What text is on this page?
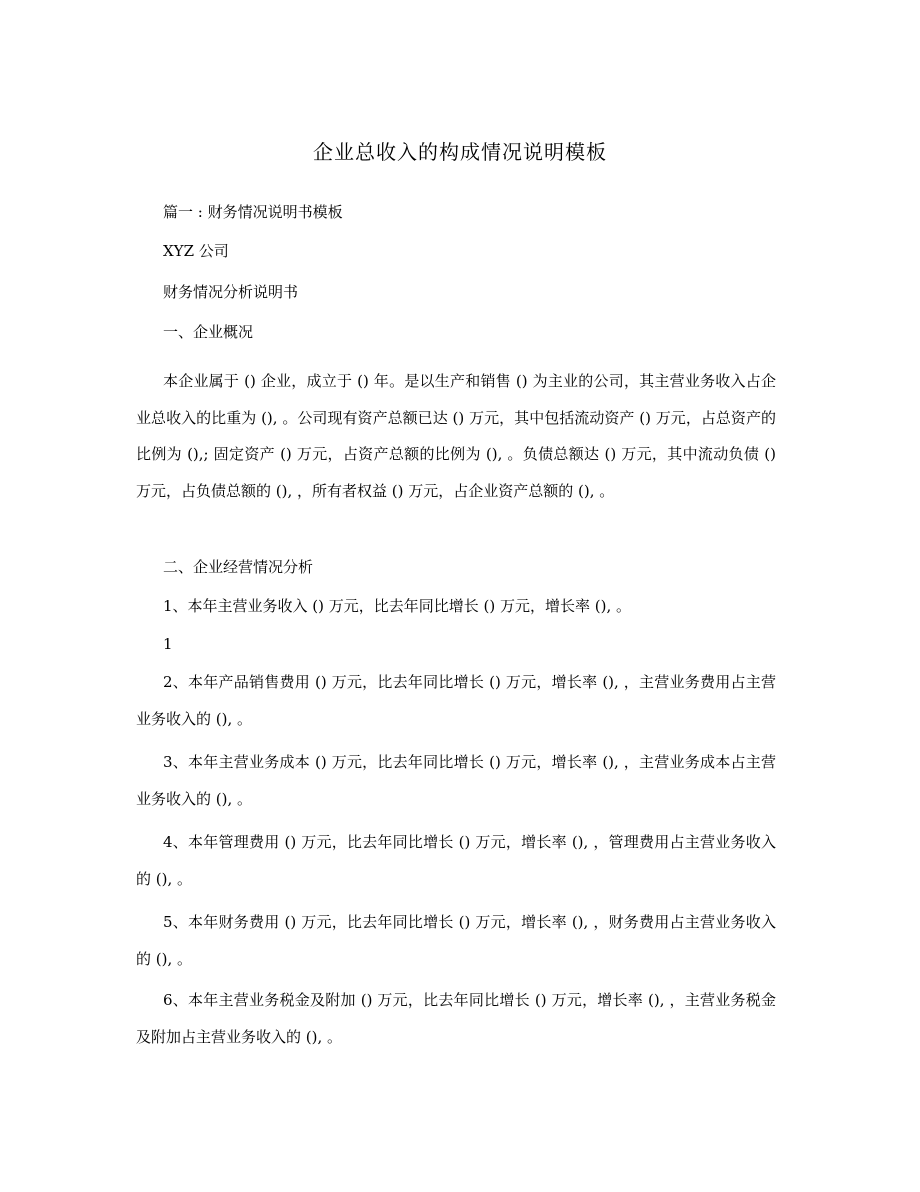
企业总收入的构成情况说明模板
篇一 : 财务情况说明书模板
XYZ 公司
财务情况分析说明书
一、企业概况

本企业属于 () 企业，成立于 () 年。是以生产和销售 () 为主业的公司，其主营业务收入占企业总收入的比重为 (), 。公司现有资产总额已达 () 万元，其中包括流动资产 () 万元，占总资产的比例为 (),; 固定资产 () 万元，占资产总额的比例为 (), 。负债总额达 () 万元，其中流动负债 () 万元，占负债总额的 (), ，所有者权益 () 万元，占企业资产总额的 (), 。

二、企业经营情况分析
1、本年主营业务收入 () 万元，比去年同比增长 () 万元，增长率 (), 。
1

2、本年产品销售费用 () 万元，比去年同比增长 () 万元，增长率 (), ，主营业务费用占主营业务收入的 (), 。

3、本年主营业务成本 () 万元，比去年同比增长 () 万元，增长率 (), ，主营业务成本占主营业务收入的 (), 。

4、本年管理费用 () 万元，比去年同比增长 () 万元，增长率 (), ，管理费用占主营业务收入的 (), 。

5、本年财务费用 () 万元，比去年同比增长 () 万元，增长率 (), ，财务费用占主营业务收入的 (), 。

6、本年主营业务税金及附加 () 万元，比去年同比增长 () 万元，增长率 (), ，主营业务税金及附加占主营业务收入的 (), 。
